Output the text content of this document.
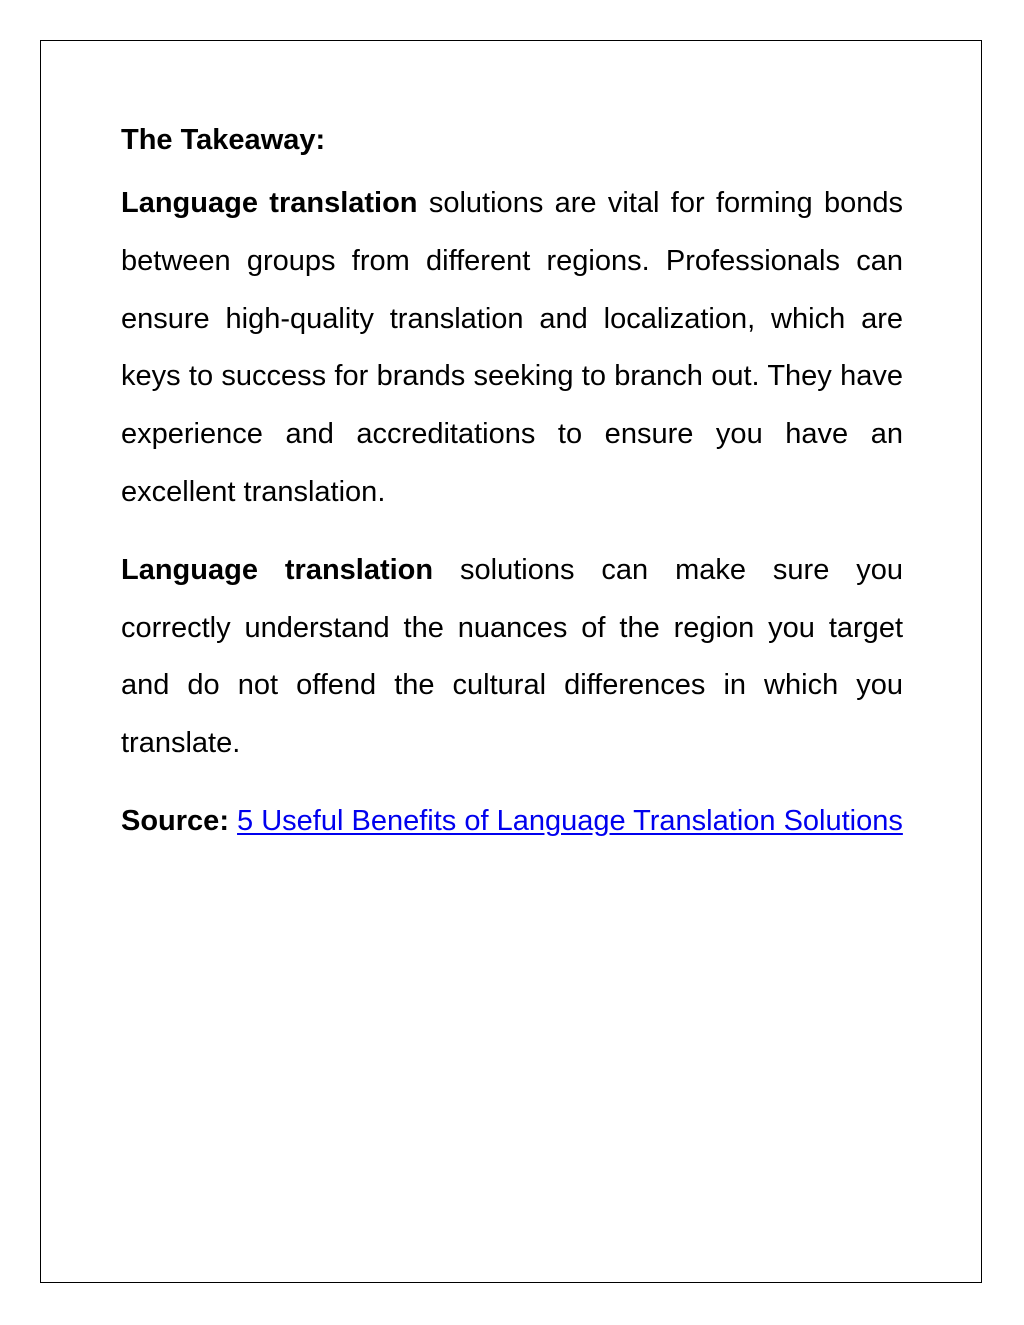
The Takeaway:

Language translation solutions are vital for forming bonds between groups from different regions. Professionals can ensure high-quality translation and localization, which are keys to success for brands seeking to branch out. They have experience and accreditations to ensure you have an excellent translation.

Language translation solutions can make sure you correctly understand the nuances of the region you target and do not offend the cultural differences in which you translate.

Source: 5 Useful Benefits of Language Translation Solutions
